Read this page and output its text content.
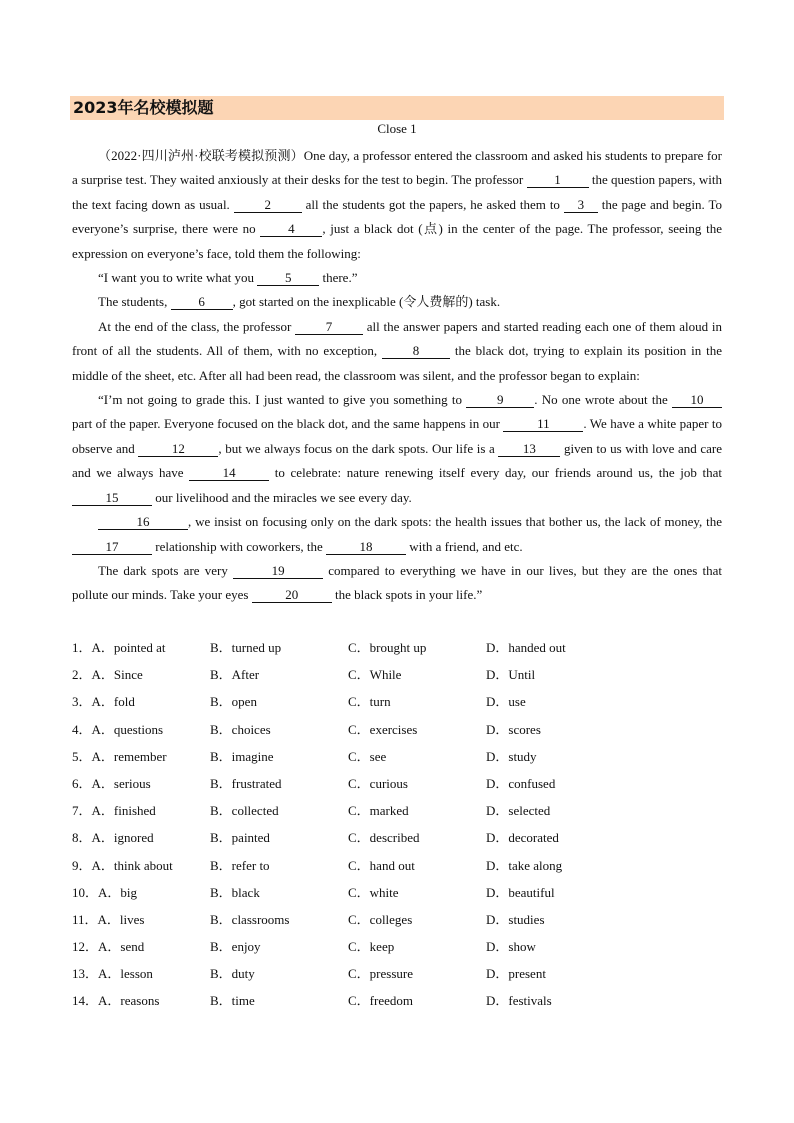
2023年名校模拟题
Close 1

（2022·四川泸州·校联考模拟预测）One day, a professor entered the classroom and asked his students to prepare for a surprise test. They waited anxiously at their desks for the test to begin. The professor 1 the question papers, with the text facing down as usual. 2 all the students got the papers, he asked them to 3 the page and begin. To everyone’s surprise, there were no 4 , just a black dot (点) in the center of the page. The professor, seeing the expression on everyone’s face, told them the following:

“I want you to write what you 5 there.”

The students, 6 , got started on the inexplicable (令人费解的) task.

At the end of the class, the professor 7 all the answer papers and started reading each one of them aloud in front of all the students. All of them, with no exception, 8 the black dot, trying to explain its position in the middle of the sheet, etc. After all had been read, the classroom was silent, and the professor began to explain:

“I’m not going to grade this. I just wanted to give you something to 9 . No one wrote about the 10 part of the paper. Everyone focused on the black dot, and the same happens in our	11	. We have a white paper to observe and	12	, but we always focus on the dark spots. Our life is a 13 given to us with love and care and we always have	14	to celebrate: nature renewing itself every day, our friends around us, the job that 15	our livelihood and the miracles we see every day.

16	, we insist on focusing only on the dark spots: the health issues that bother us, the lack of money, the 17	relationship with coworkers, the	18	with a friend, and etc.

The dark spots are very	19	compared to everything we have in our lives, but they are the ones that pollute our minds. Take your eyes	20	the black spots in your life.”

1．A．pointed at	B．turned up	C．brought up	D．handed out
2．A．Since	B．After	C．While	D．Until
3．A．fold	B．open	C．turn	D．use
4．A．questions	B．choices	C．exercises	D．scores
5．A．remember	B．imagine	C．see	D．study
6．A．serious	B．frustrated	C．curious	D．confused
7．A．finished	B．collected	C．marked	D．selected
8．A．ignored	B．painted	C．described	D．decorated
9．A．think about	B．refer to	C．hand out	D．take along
10．A．big	B．black	C．white	D．beautiful
11．A．lives	B．classrooms	C．colleges	D．studies
12．A．send	B．enjoy	C．keep	D．show
13．A．lesson	B．duty	C．pressure	D．present
14．A．reasons	B．time	C．freedom	D．festivals
